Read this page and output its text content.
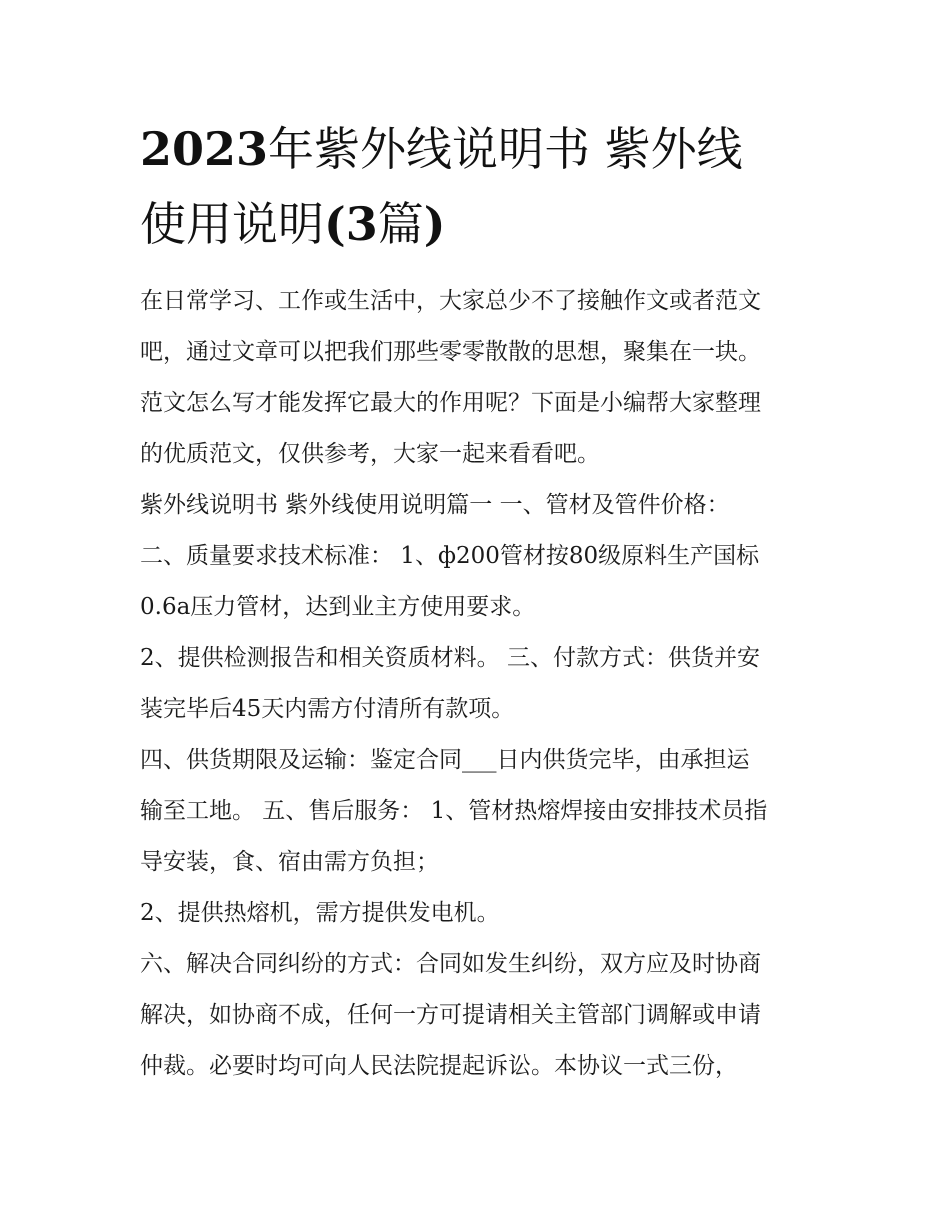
2023年紫外线说明书 紫外线
使用说明(3篇)
在日常学习、工作或生活中，大家总少不了接触作文或者范文
吧，通过文章可以把我们那些零零散散的思想，聚集在一块。
范文怎么写才能发挥它最大的作用呢？下面是小编帮大家整理
的优质范文，仅供参考，大家一起来看看吧。
紫外线说明书 紫外线使用说明篇一 一、管材及管件价格：
二、质量要求技术标准： 1、ф200管材按80级原料生产国标
0.6a压力管材，达到业主方使用要求。
2、提供检测报告和相关资质材料。 三、付款方式：供货并安
装完毕后45天内需方付清所有款项。
四、供货期限及运输：鉴定合同___日内供货完毕，由承担运
输至工地。 五、售后服务： 1、管材热熔焊接由安排技术员指
导安装，食、宿由需方负担；
2、提供热熔机，需方提供发电机。
六、解决合同纠纷的方式：合同如发生纠纷，双方应及时协商
解决，如协商不成，任何一方可提请相关主管部门调解或申请
仲裁。必要时均可向人民法院提起诉讼。本协议一式三份，
